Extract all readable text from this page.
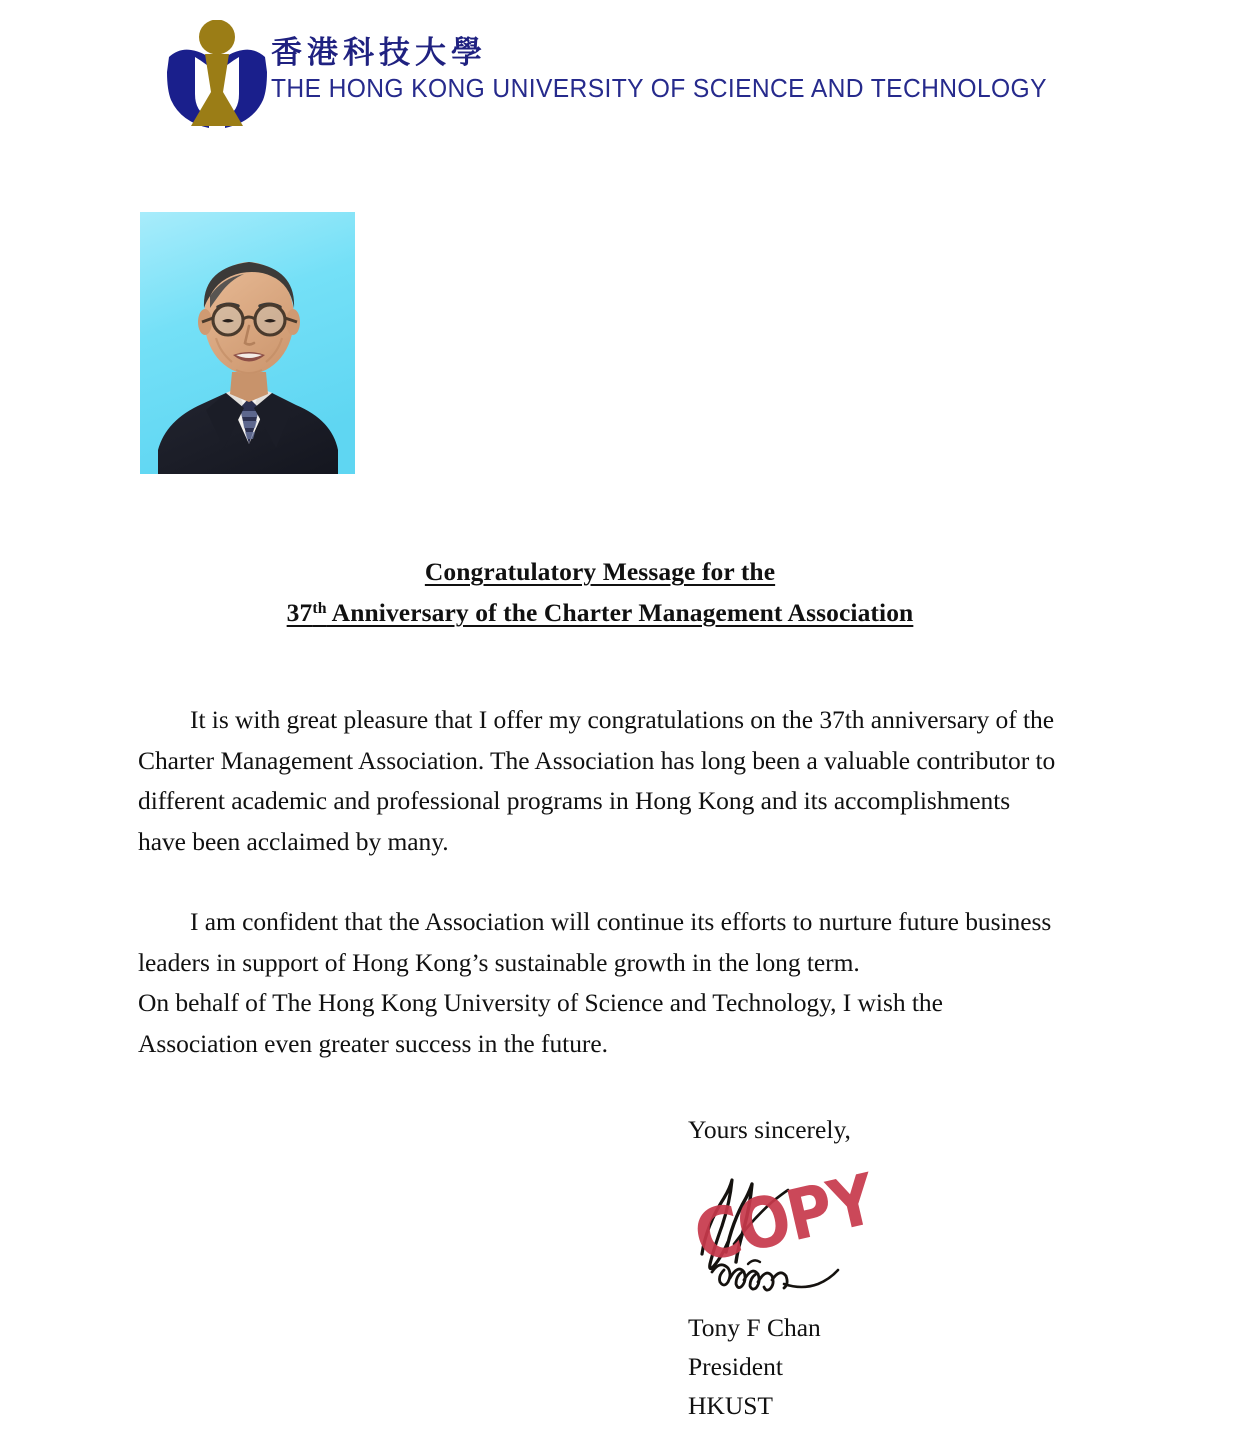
香港科技大學
THE HONG KONG UNIVERSITY OF SCIENCE AND TECHNOLOGY
Congratulatory Message for the
37th Anniversary of the Charter Management Association

It is with great pleasure that I offer my congratulations on the 37th anniversary of the Charter Management Association. The Association has long been a valuable contributor to different academic and professional programs in Hong Kong and its accomplishments have been acclaimed by many.

I am confident that the Association will continue its efforts to nurture future business leaders in support of Hong Kong’s sustainable growth in the long term.

On behalf of The Hong Kong University of Science and Technology, I wish the Association even greater success in the future.

Yours sincerely,
COPY
Tony F Chan
President
HKUST
